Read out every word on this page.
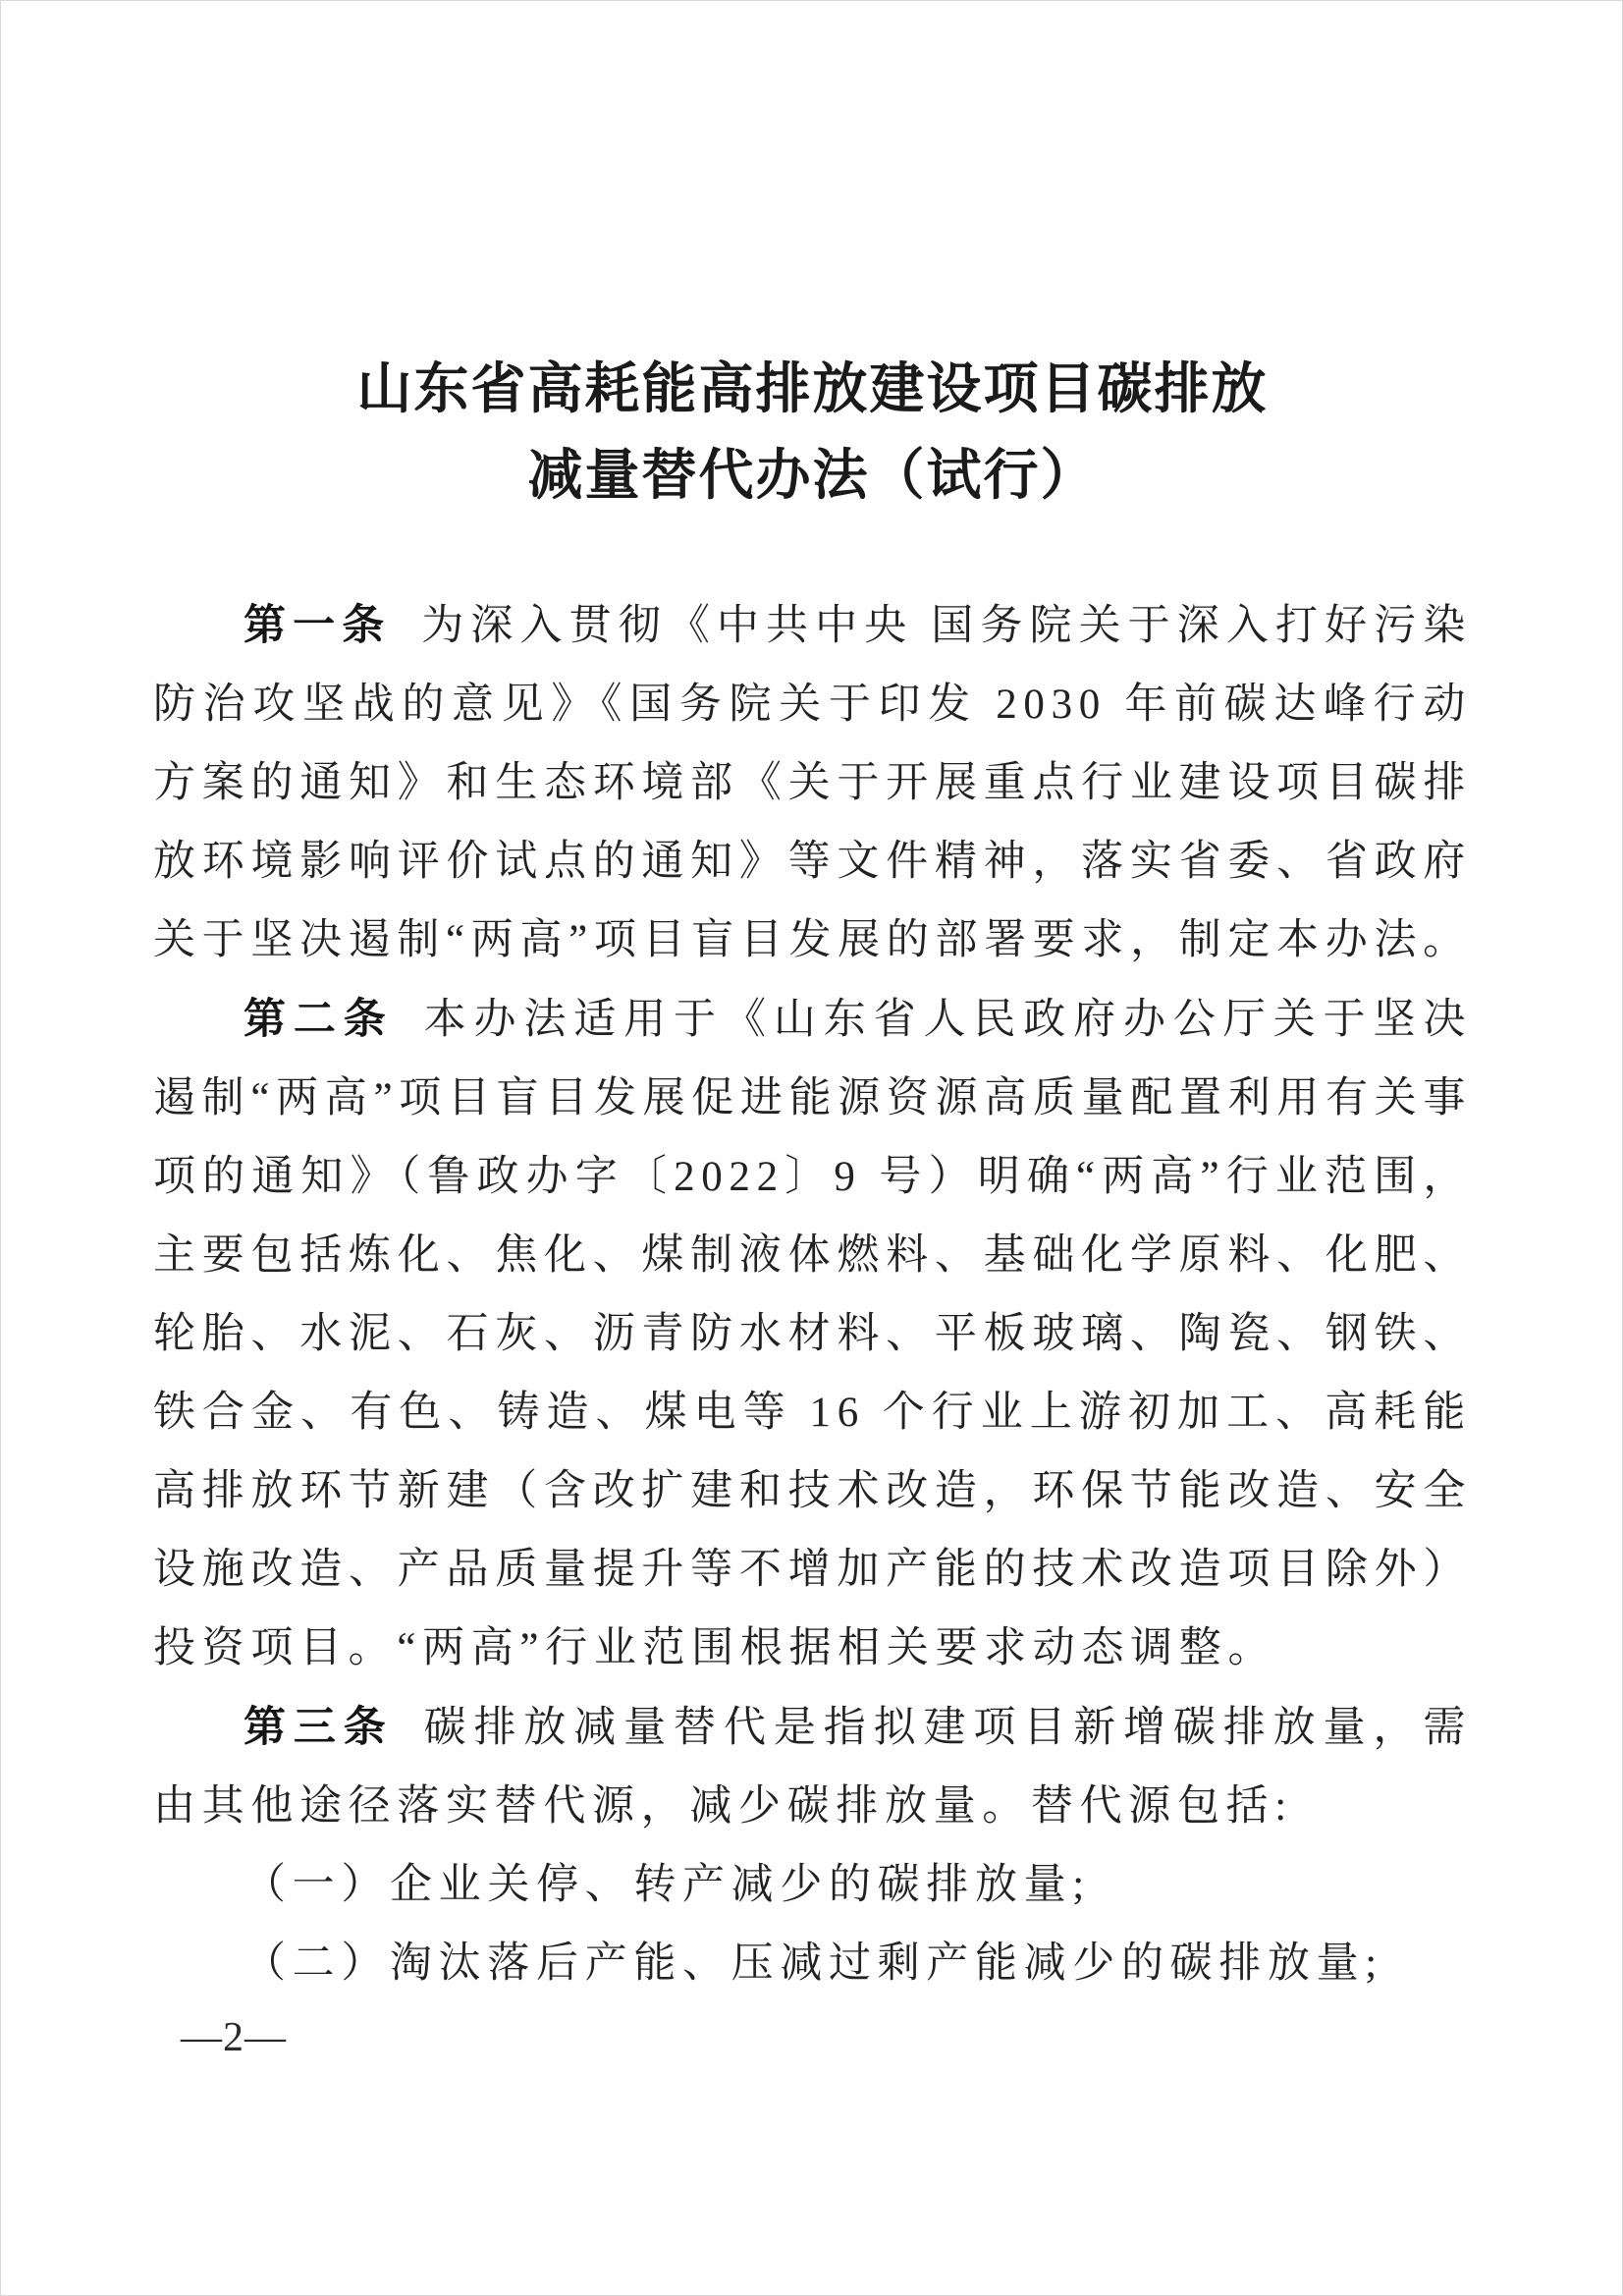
山东省高耗能高排放建设项目碳排放
减量替代办法（试行）

第一条 为深入贯彻《中共中央 国务院关于深入打好污染防治攻坚战的意见》《国务院关于印发 2030 年前碳达峰行动方案的通知》和生态环境部《关于开展重点行业建设项目碳排放环境影响评价试点的通知》等文件精神，落实省委、省政府关于坚决遏制“两高”项目盲目发展的部署要求，制定本办法。

第二条 本办法适用于《山东省人民政府办公厅关于坚决遏制“两高”项目盲目发展促进能源资源高质量配置利用有关事项的通知》（鲁政办字〔2022〕9 号）明确“两高”行业范围，主要包括炼化、焦化、煤制液体燃料、基础化学原料、化肥、轮胎、水泥、石灰、沥青防水材料、平板玻璃、陶瓷、钢铁、铁合金、有色、铸造、煤电等 16 个行业上游初加工、高耗能高排放环节新建（含改扩建和技术改造，环保节能改造、安全设施改造、产品质量提升等不增加产能的技术改造项目除外）投资项目。“两高”行业范围根据相关要求动态调整。

第三条 碳排放减量替代是指拟建项目新增碳排放量，需由其他途径落实替代源，减少碳排放量。替代源包括:

（一）企业关停、转产减少的碳排放量;

（二）淘汰落后产能、压减过剩产能减少的碳排放量;

—2—
